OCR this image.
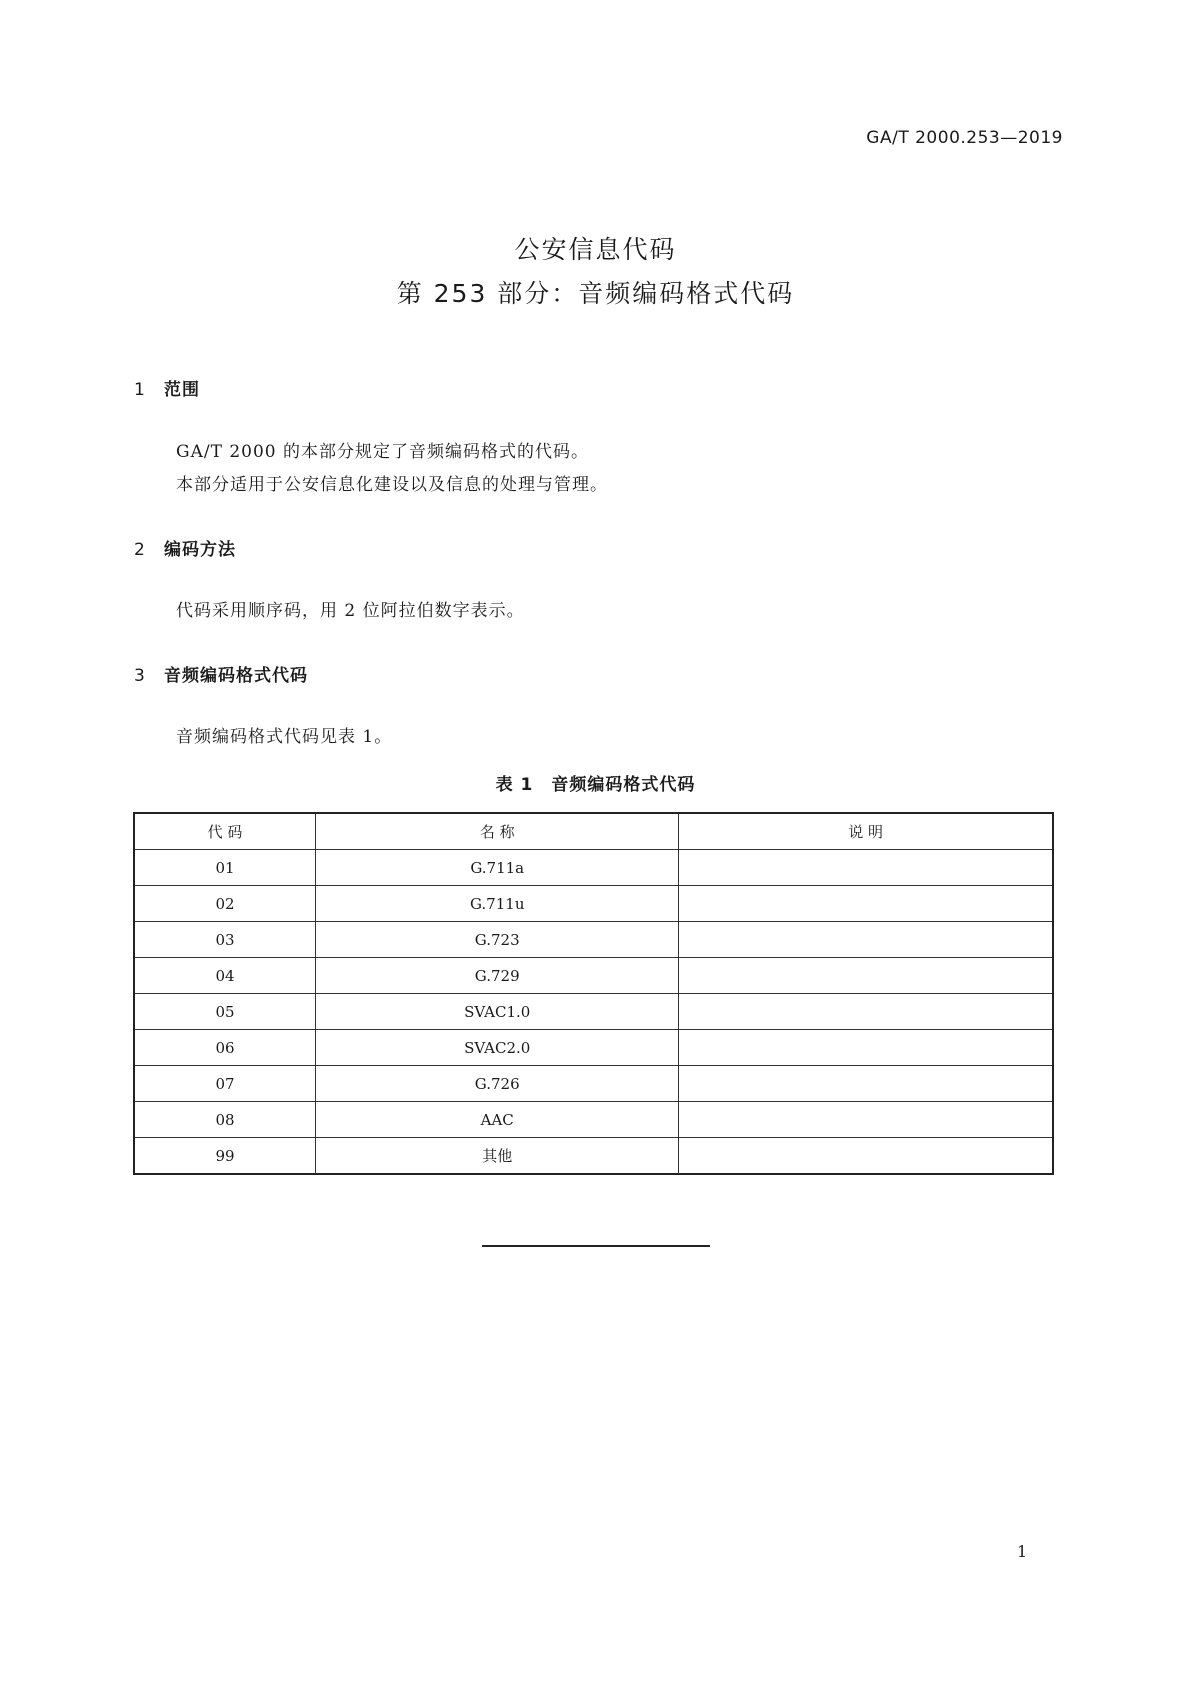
GA/T 2000.253—2019
公安信息代码
第 253 部分：音频编码格式代码
1 范围
GA/T 2000 的本部分规定了音频编码格式的代码。
本部分适用于公安信息化建设以及信息的处理与管理。
2 编码方法
代码采用顺序码，用 2 位阿拉伯数字表示。
3 音频编码格式代码
音频编码格式代码见表 1。
表 1　音频编码格式代码
代 码	名 称	说 明
01	G.711a	
02	G.711u	
03	G.723	
04	G.729	
05	SVAC1.0	
06	SVAC2.0	
07	G.726	
08	AAC	
99	其他	
1
